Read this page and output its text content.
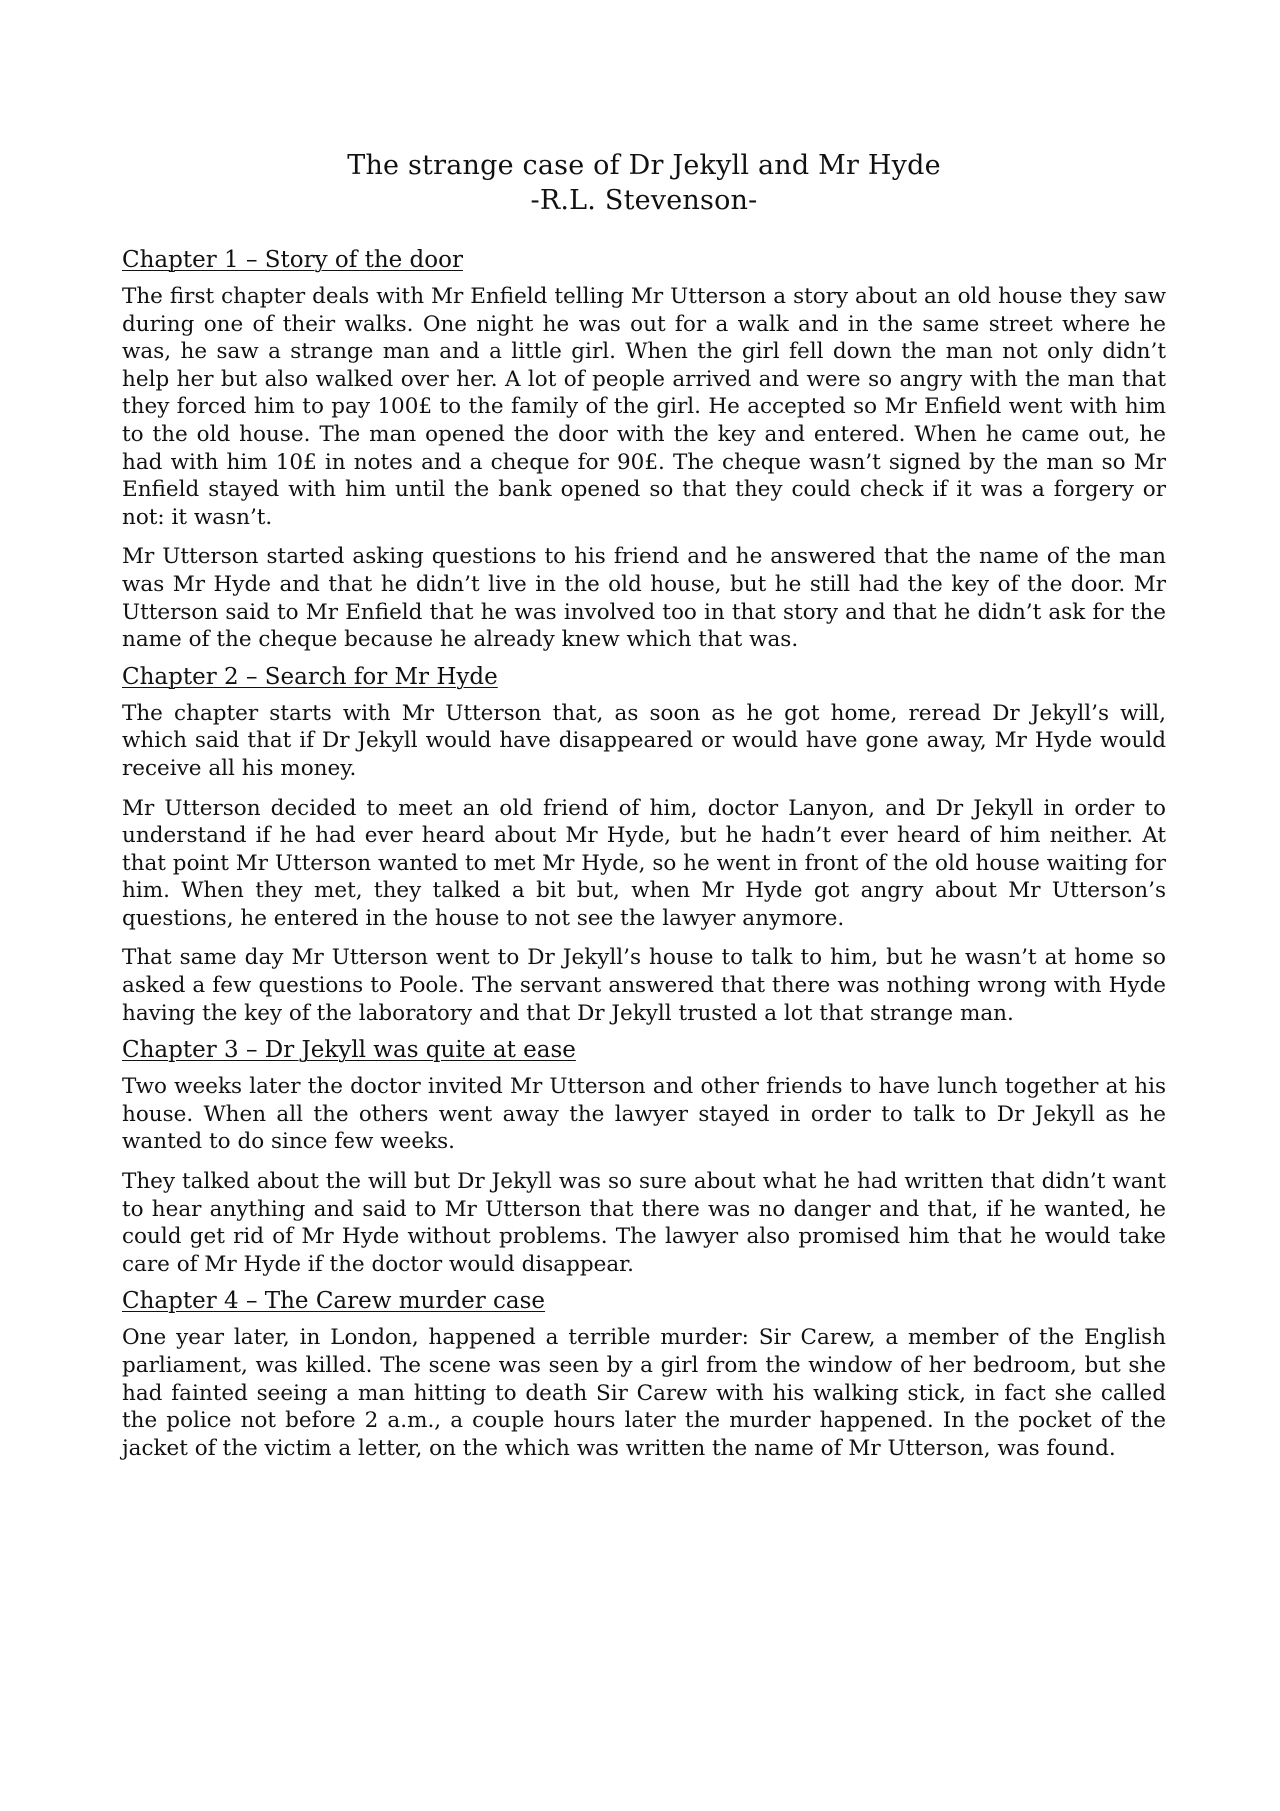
The strange case of Dr Jekyll and Mr Hyde
-R.L. Stevenson-
Chapter 1 – Story of the door

The first chapter deals with Mr Enfield telling Mr Utterson a story about an old house they saw during one of their walks. One night he was out for a walk and in the same street where he was, he saw a strange man and a little girl. When the girl fell down the man not only didn’t help her but also walked over her. A lot of people arrived and were so angry with the man that they forced him to pay 100£ to the family of the girl. He accepted so Mr Enfield went with him to the old house. The man opened the door with the key and entered. When he came out, he had with him 10£ in notes and a cheque for 90£. The cheque wasn’t signed by the man so Mr Enfield stayed with him until the bank opened so that they could check if it was a forgery or not: it wasn’t.

Mr Utterson started asking questions to his friend and he answered that the name of the man was Mr Hyde and that he didn’t live in the old house, but he still had the key of the door. Mr Utterson said to Mr Enfield that he was involved too in that story and that he didn’t ask for the name of the cheque because he already knew which that was.

Chapter 2 – Search for Mr Hyde

The chapter starts with Mr Utterson that, as soon as he got home, reread Dr Jekyll’s will, which said that if Dr Jekyll would have disappeared or would have gone away, Mr Hyde would receive all his money.

Mr Utterson decided to meet an old friend of him, doctor Lanyon, and Dr Jekyll in order to understand if he had ever heard about Mr Hyde, but he hadn’t ever heard of him neither. At that point Mr Utterson wanted to met Mr Hyde, so he went in front of the old house waiting for him. When they met, they talked a bit but, when Mr Hyde got angry about Mr Utterson’s questions, he entered in the house to not see the lawyer anymore.

That same day Mr Utterson went to Dr Jekyll’s house to talk to him, but he wasn’t at home so asked a few questions to Poole. The servant answered that there was nothing wrong with Hyde having the key of the laboratory and that Dr Jekyll trusted a lot that strange man.

Chapter 3 – Dr Jekyll was quite at ease

Two weeks later the doctor invited Mr Utterson and other friends to have lunch together at his house. When all the others went away the lawyer stayed in order to talk to Dr Jekyll as he wanted to do since few weeks.

They talked about the will but Dr Jekyll was so sure about what he had written that didn’t want to hear anything and said to Mr Utterson that there was no danger and that, if he wanted, he could get rid of Mr Hyde without problems. The lawyer also promised him that he would take care of Mr Hyde if the doctor would disappear.

Chapter 4 – The Carew murder case

One year later, in London, happened a terrible murder: Sir Carew, a member of the English parliament, was killed. The scene was seen by a girl from the window of her bedroom, but she had fainted seeing a man hitting to death Sir Carew with his walking stick, in fact she called the police not before 2 a.m., a couple hours later the murder happened. In the pocket of the jacket of the victim a letter, on the which was written the name of Mr Utterson, was found.
